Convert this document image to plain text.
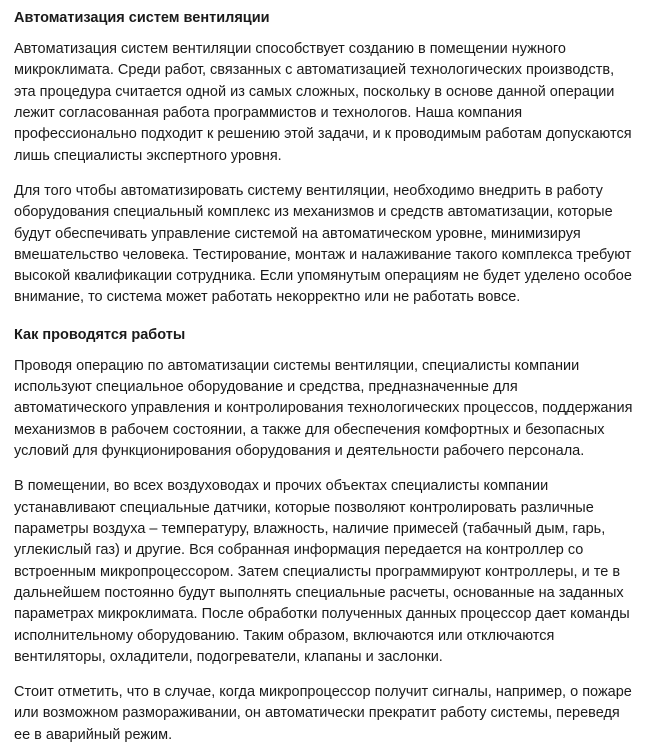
Автоматизация систем вентиляции

Автоматизация систем вентиляции способствует созданию в помещении нужного микроклимата. Среди работ, связанных с автоматизацией технологических производств, эта процедура считается одной из самых сложных, поскольку в основе данной операции лежит согласованная работа программистов и технологов. Наша компания профессионально подходит к решению этой задачи, и к проводимым работам допускаются лишь специалисты экспертного уровня.

Для того чтобы автоматизировать систему вентиляции, необходимо внедрить в работу оборудования специальный комплекс из механизмов и средств автоматизации, которые будут обеспечивать управление системой на автоматическом уровне, минимизируя вмешательство человека. Тестирование, монтаж и налаживание такого комплекса требуют высокой квалификации сотрудника. Если упомянутым операциям не будет уделено особое внимание, то система может работать некорректно или не работать вовсе.

Как проводятся работы

Проводя операцию по автоматизации системы вентиляции, специалисты компании используют специальное оборудование и средства, предназначенные для автоматического управления и контролирования технологических процессов, поддержания механизмов в рабочем состоянии, а также для обеспечения комфортных и безопасных условий для функционирования оборудования и деятельности рабочего персонала.

В помещении, во всех воздуховодах и прочих объектах специалисты компании устанавливают специальные датчики, которые позволяют контролировать различные параметры воздуха – температуру, влажность, наличие примесей (табачный дым, гарь, углекислый газ) и другие. Вся собранная информация передается на контроллер со встроенным микропроцессором. Затем специалисты программируют контроллеры, и те в дальнейшем постоянно будут выполнять специальные расчеты, основанные на заданных параметрах микроклимата. После обработки полученных данных процессор дает команды исполнительному оборудованию. Таким образом, включаются или отключаются вентиляторы, охладители, подогреватели, клапаны и заслонки.

Стоит отметить, что в случае, когда микропроцессор получит сигналы, например, о пожаре или возможном размораживании, он автоматически прекратит работу системы, переведя ее в аварийный режим.
